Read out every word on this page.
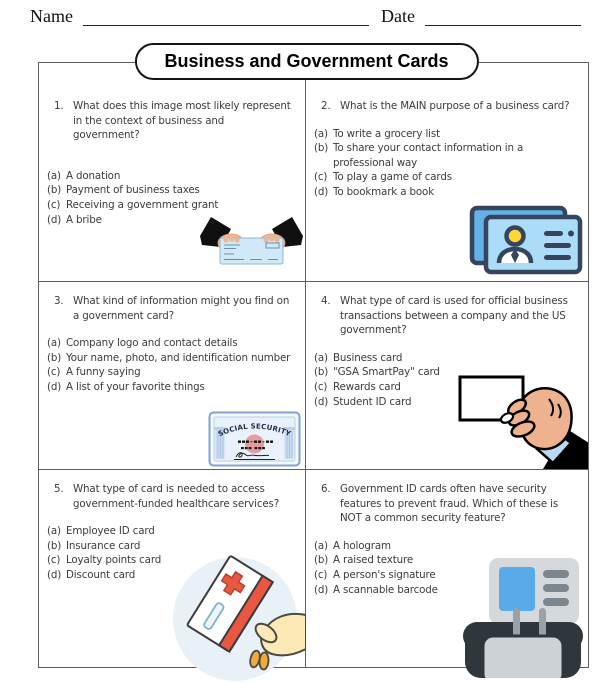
Name	Date
Business and Government Cards
1. What does this image most likely represent in the context of business and government?
(a) A donation
(b) Payment of business taxes
(c) Receiving a government grant
(d) A bribe
2. What is the MAIN purpose of a business card?
(a) To write a grocery list
(b) To share your contact information in a professional way
(c) To play a game of cards
(d) To bookmark a book
3. What kind of information might you find on a government card?
(a) Company logo and contact details
(b) Your name, photo, and identification number
(c) A funny saying
(d) A list of your favorite things
SOCIAL SECURITY
4. What type of card is used for official business transactions between a company and the US government?
(a) Business card
(b) "GSA SmartPay" card
(c) Rewards card
(d) Student ID card
5. What type of card is needed to access government-funded healthcare services?
(a) Employee ID card
(b) Insurance card
(c) Loyalty points card
(d) Discount card
6. Government ID cards often have security features to prevent fraud. Which of these is NOT a common security feature?
(a) A hologram
(b) A raised texture
(c) A person's signature
(d) A scannable barcode
